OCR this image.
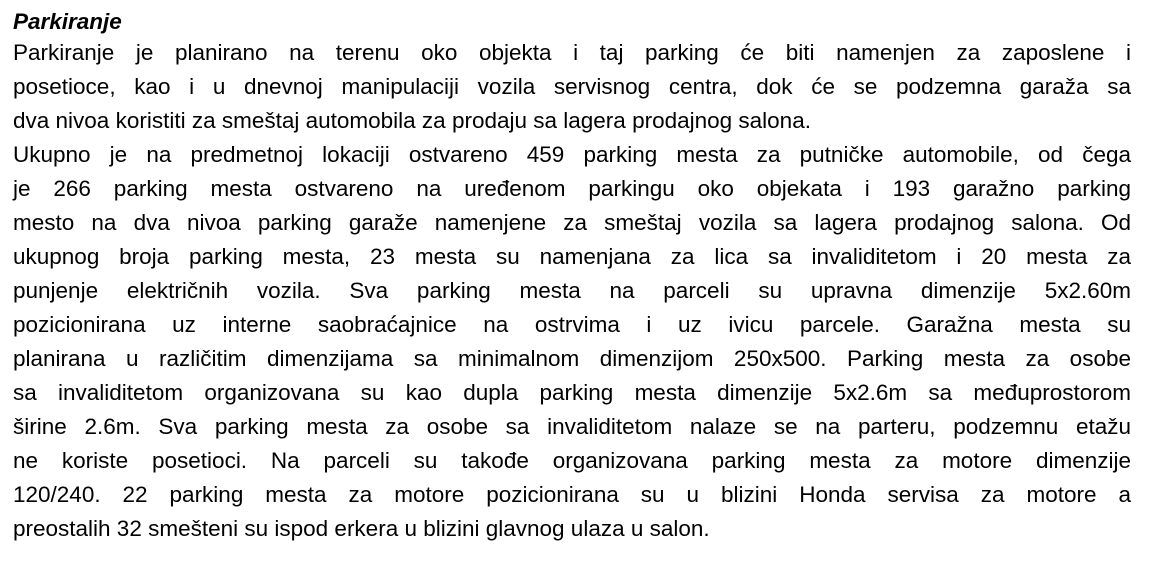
Parkiranje

Parkiranje je planirano na terenu oko objekta i taj parking će biti namenjen za zaposlene i
posetioce, kao i u dnevnoj manipulaciji vozila servisnog centra, dok će se podzemna garaža sa
dva nivoa koristiti za smeštaj automobila za prodaju sa lagera prodajnog salona.
Ukupno je na predmetnoj lokaciji ostvareno 459 parking mesta za putničke automobile, od čega
je 266 parking mesta ostvareno na uređenom parkingu oko objekata i 193 garažno parking
mesto na dva nivoa parking garaže namenjene za smeštaj vozila sa lagera prodajnog salona. Od
ukupnog broja parking mesta, 23 mesta su namenjana za lica sa invaliditetom i 20 mesta za
punjenje električnih vozila. Sva parking mesta na parceli su upravna dimenzije 5x2.60m
pozicionirana uz interne saobraćajnice na ostrvima i uz ivicu parcele. Garažna mesta su
planirana u različitim dimenzijama sa minimalnom dimenzijom 250x500. Parking mesta za osobe
sa invaliditetom organizovana su kao dupla parking mesta dimenzije 5x2.6m sa međuprostorom
širine 2.6m. Sva parking mesta za osobe sa invaliditetom nalaze se na parteru, podzemnu etažu
ne koriste posetioci. Na parceli su takođe organizovana parking mesta za motore dimenzije
120/240. 22 parking mesta za motore pozicionirana su u blizini Honda servisa za motore a
preostalih 32 smešteni su ispod erkera u blizini glavnog ulaza u salon.
